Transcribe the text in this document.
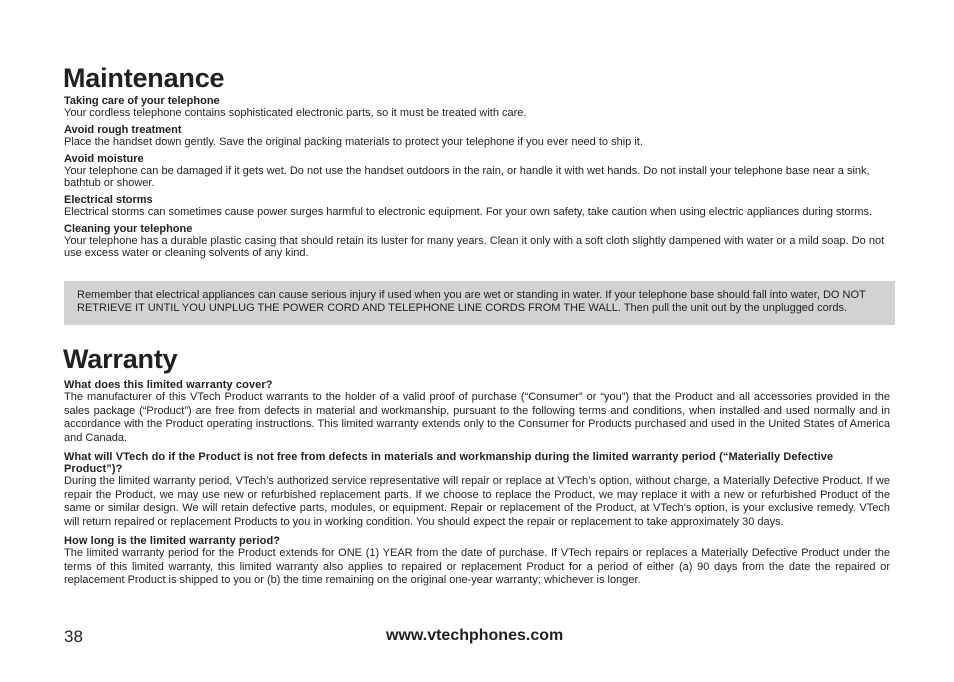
Maintenance
Taking care of your telephone

Your cordless telephone contains sophisticated electronic parts, so it must be treated with care.

Avoid rough treatment

Place the handset down gently. Save the original packing materials to protect your telephone if you ever need to ship it.

Avoid moisture

Your telephone can be damaged if it gets wet. Do not use the handset outdoors in the rain, or handle it with wet hands. Do not install your telephone base near a sink, bathtub or shower.

Electrical storms

Electrical storms can sometimes cause power surges harmful to electronic equipment. For your own safety, take caution when using electric appliances during storms.

Cleaning your telephone

Your telephone has a durable plastic casing that should retain its luster for many years. Clean it only with a soft cloth slightly dampened with water or a mild soap. Do not use excess water or cleaning solvents of any kind.

Remember that electrical appliances can cause serious injury if used when you are wet or standing in water. If your telephone base should fall into water, DO NOT RETRIEVE IT UNTIL YOU UNPLUG THE POWER CORD AND TELEPHONE LINE CORDS FROM THE WALL. Then pull the unit out by the unplugged cords.
Warranty
What does this limited warranty cover?

The manufacturer of this VTech Product warrants to the holder of a valid proof of purchase (“Consumer” or “you”) that the Product and all accessories provided in the sales package (“Product”) are free from defects in material and workmanship, pursuant to the following terms and conditions, when installed and used normally and in accordance with the Product operating instructions. This limited warranty extends only to the Consumer for Products purchased and used in the United States of America and Canada.

What will VTech do if the Product is not free from defects in materials and workmanship during the limited warranty period (“Materially Defective Product”)?

During the limited warranty period, VTech’s authorized service representative will repair or replace at VTech’s option, without charge, a Materially Defective Product. If we repair the Product, we may use new or refurbished replacement parts. If we choose to replace the Product, we may replace it with a new or refurbished Product of the same or similar design. We will retain defective parts, modules, or equipment. Repair or replacement of the Product, at VTech’s option, is your exclusive remedy. VTech will return repaired or replacement Products to you in working condition. You should expect the repair or replacement to take approximately 30 days.

How long is the limited warranty period?

The limited warranty period for the Product extends for ONE (1) YEAR from the date of purchase. If VTech repairs or replaces a Materially Defective Product under the terms of this limited warranty, this limited warranty also applies to repaired or replacement Product for a period of either (a) 90 days from the date the repaired or replacement Product is shipped to you or (b) the time remaining on the original one-year warranty; whichever is longer.

38	www.vtechphones.com
